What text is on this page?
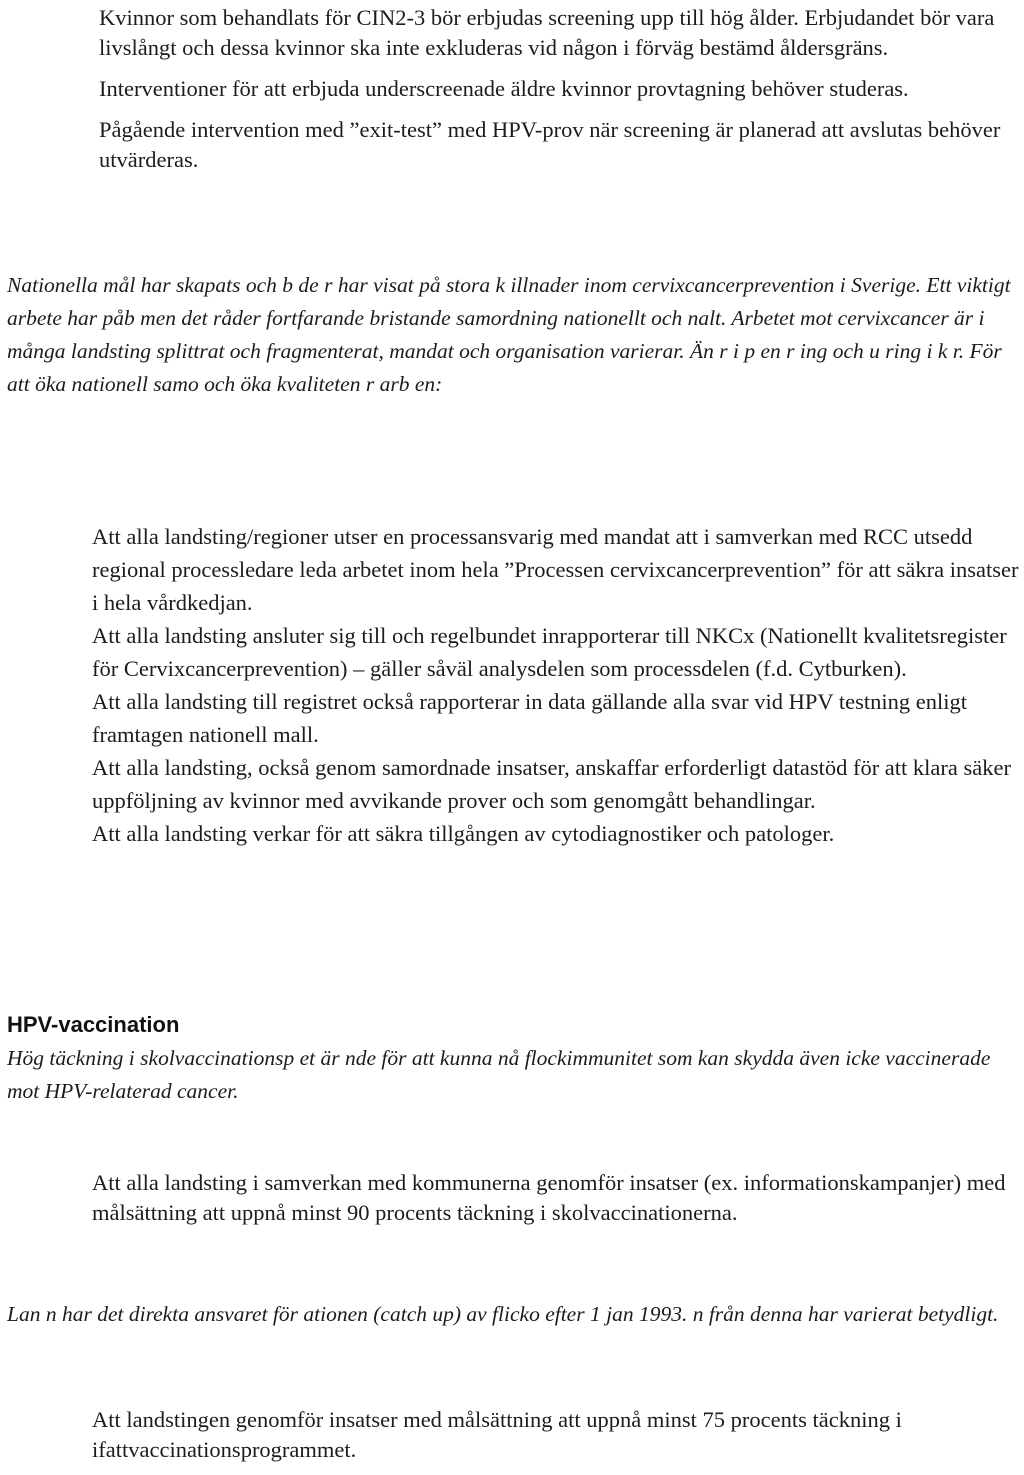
Kvinnor som behandlats för CIN2-3 bör erbjudas screening upp till hög ålder. Erbjudandet bör vara livslångt och dessa kvinnor ska inte exkluderas vid någon i förväg bestämd åldersgräns.

Interventioner för att erbjuda underscreenade äldre kvinnor provtagning behöver studeras.

Pågående intervention med ”exit-test” med HPV-prov när screening är planerad att avslutas behöver utvärderas.

Nationella mål har skapats och b de r har visat på stora k illnader inom cervixcancerprevention i Sverige. Ett viktigt arbete har påb men det råder fortfarande bristande samordning nationellt och nalt. Arbetet mot cervixcancer är i många landsting splittrat och fragmenterat, mandat och organisation varierar. Än r i p en r ing och u ring i k r. För att öka nationell samo och öka kvaliteten r arb en:

Att alla landsting/regioner utser en processansvarig med mandat att i samverkan med RCC utsedd regional processledare leda arbetet inom hela ”Processen cervixcancerprevention” för att säkra insatser i hela vårdkedjan.

Att alla landsting ansluter sig till och regelbundet inrapporterar till NKCx (Nationellt kvalitetsregister för Cervixcancerprevention) – gäller såväl analysdelen som processdelen (f.d. Cytburken).

Att alla landsting till registret också rapporterar in data gällande alla svar vid HPV testning enligt framtagen nationell mall.

Att alla landsting, också genom samordnade insatser, anskaffar erforderligt datastöd för att klara säker uppföljning av kvinnor med avvikande prover och som genomgått behandlingar.

Att alla landsting verkar för att säkra tillgången av cytodiagnostiker och patologer.

HPV-vaccination

Hög täckning i skolvaccinationsp et är nde för att kunna nå flockimmunitet som kan skydda även icke vaccinerade mot HPV-relaterad cancer.

Att alla landsting i samverkan med kommunerna genomför insatser (ex. informationskampanjer) med målsättning att uppnå minst 90 procents täckning i skolvaccinationerna.

Lan n har det direkta ansvaret för ationen (catch up) av flicko efter 1 jan 1993. n från denna har varierat betydligt.

Att landstingen genomför insatser med målsättning att uppnå minst 75 procents täckning i ifattvaccinationsprogrammet.
